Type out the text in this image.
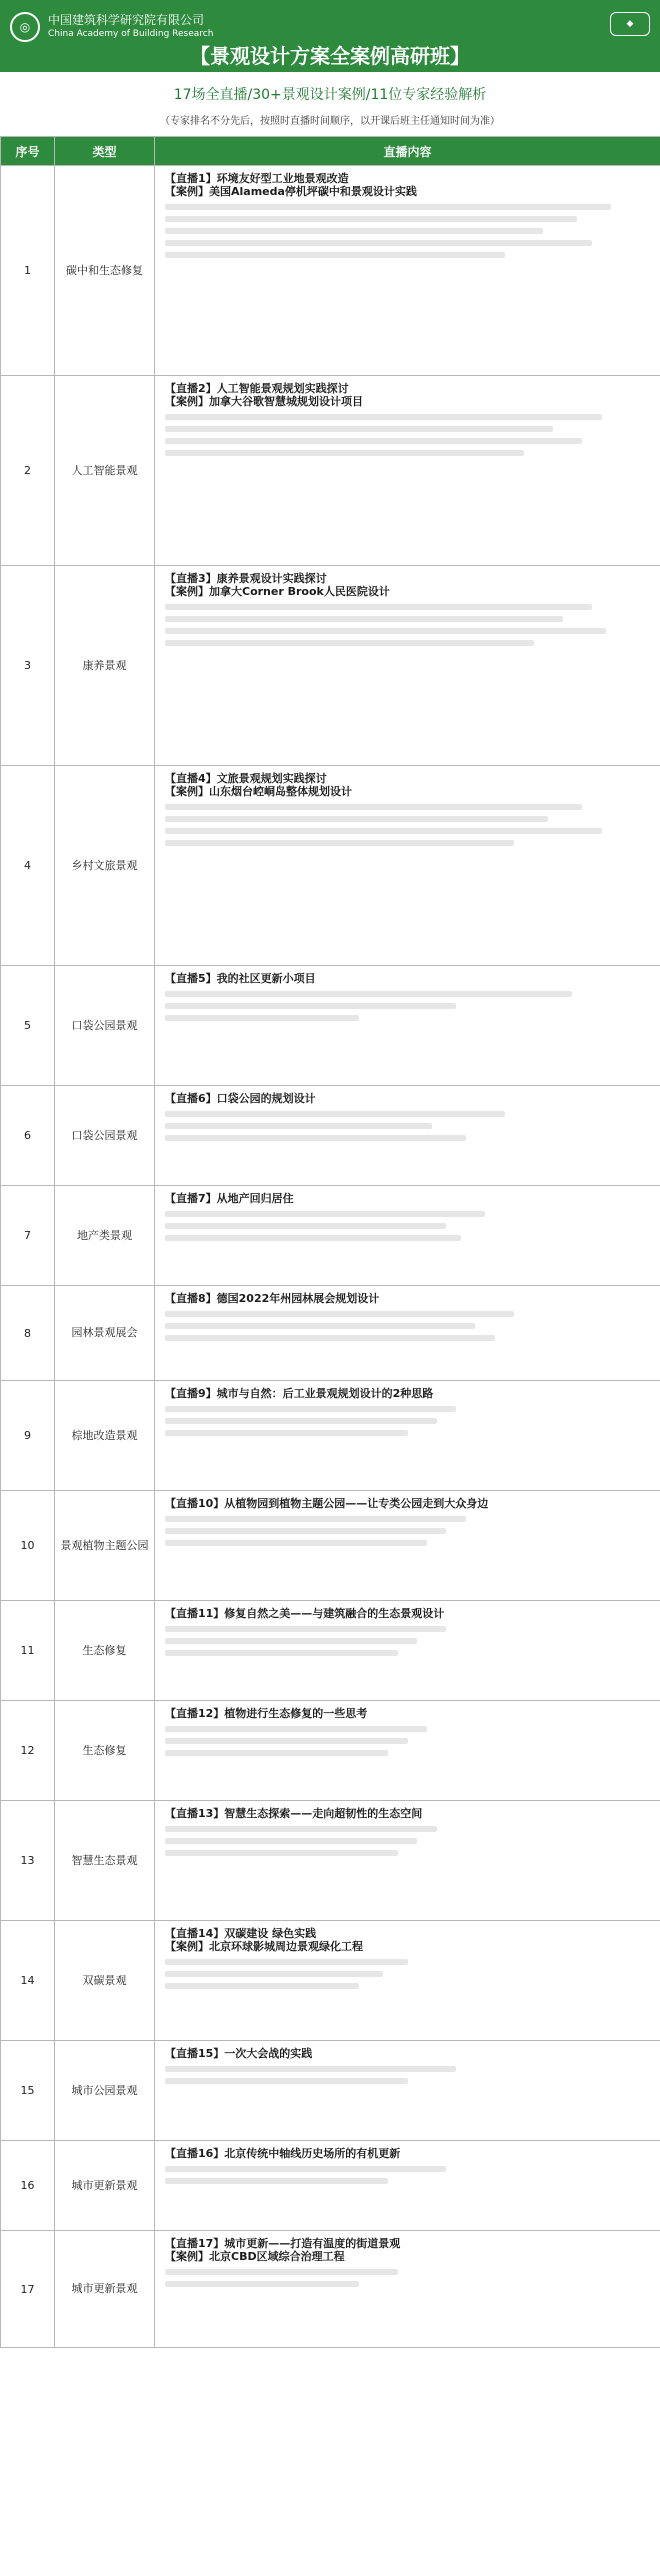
◎	中国建筑科学研究院有限公司
China Academy of Building Research
◆
【景观设计方案全案例高研班】
17场全直播/30+景观设计案例/11位专家经验解析
（专家排名不分先后，按照时直播时间顺序，以开课后班主任通知时间为准）
序号	类型	直播内容
1	碳中和生态修复	【直播1】环境友好型工业地景观改造
【案例】美国Alameda停机坪碳中和景观设计实践

2	人工智能景观	【直播2】人工智能景观规划实践探讨
【案例】加拿大谷歌智慧城规划设计项目

3	康养景观	【直播3】康养景观设计实践探讨
【案例】加拿大Corner Brook人民医院设计

4	乡村文旅景观	【直播4】文旅景观规划实践探讨
【案例】山东烟台崆峒岛整体规划设计

5	口袋公园景观	【直播5】我的社区更新小项目

6	口袋公园景观	【直播6】口袋公园的规划设计

7	地产类景观	【直播7】从地产回归居住

8	园林景观展会	【直播8】德国2022年州园林展会规划设计

9	棕地改造景观	【直播9】城市与自然：后工业景观规划设计的2种思路

10	景观植物主题公园	【直播10】从植物园到植物主题公园——让专类公园走到大众身边

11	生态修复	【直播11】修复自然之美——与建筑融合的生态景观设计

12	生态修复	【直播12】植物进行生态修复的一些思考

13	智慧生态景观	【直播13】智慧生态探索——走向超韧性的生态空间

14	双碳景观	【直播14】双碳建设 绿色实践
【案例】北京环球影城周边景观绿化工程

15	城市公园景观	【直播15】一次大会战的实践

16	城市更新景观	【直播16】北京传统中轴线历史场所的有机更新

17	城市更新景观	【直播17】城市更新——打造有温度的街道景观
【案例】北京CBD区域综合治理工程
